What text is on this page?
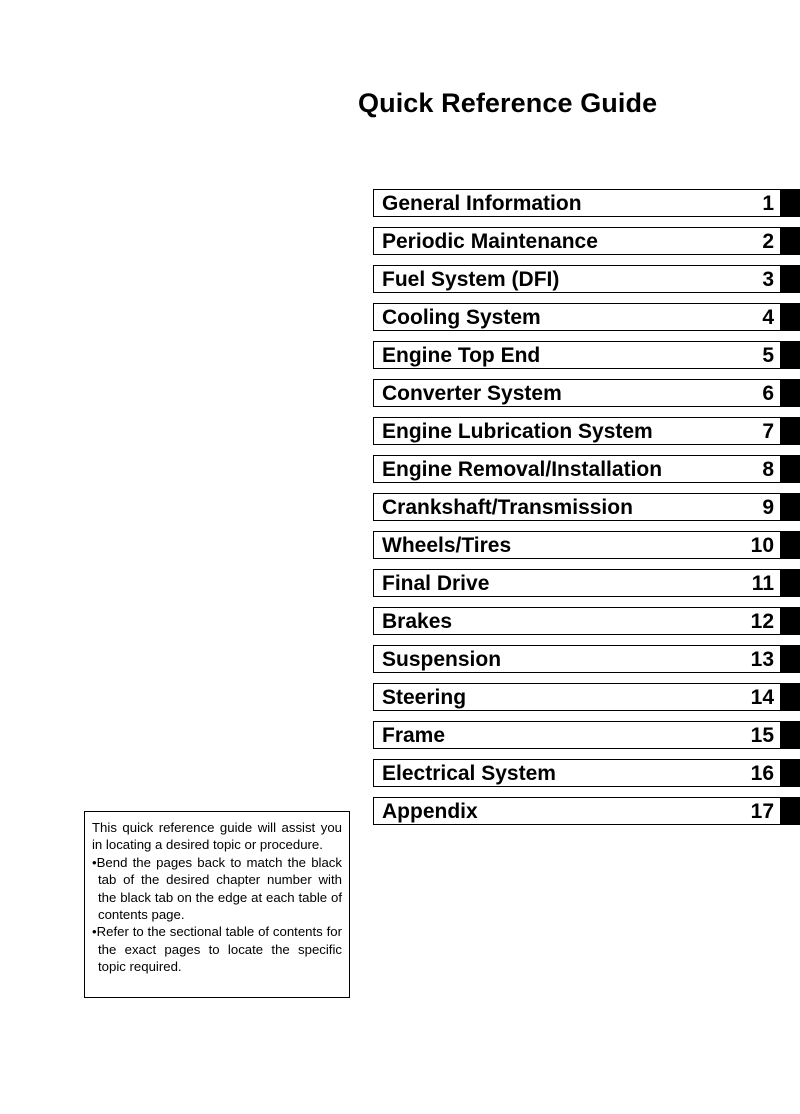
Quick Reference Guide
General Information	1
Periodic Maintenance	2
Fuel System (DFI)	3
Cooling System	4
Engine Top End	5
Converter System	6
Engine Lubrication System	7
Engine Removal/Installation	8
Crankshaft/Transmission	9
Wheels/Tires	10
Final Drive	11
Brakes	12
Suspension	13
Steering	14
Frame	15
Electrical System	16
Appendix	17

This quick reference guide will assist you in locating a desired topic or procedure.

•Bend the pages back to match the black tab of the desired chapter number with the black tab on the edge at each table of contents page.

•Refer to the sectional table of contents for the exact pages to locate the specific topic required.
